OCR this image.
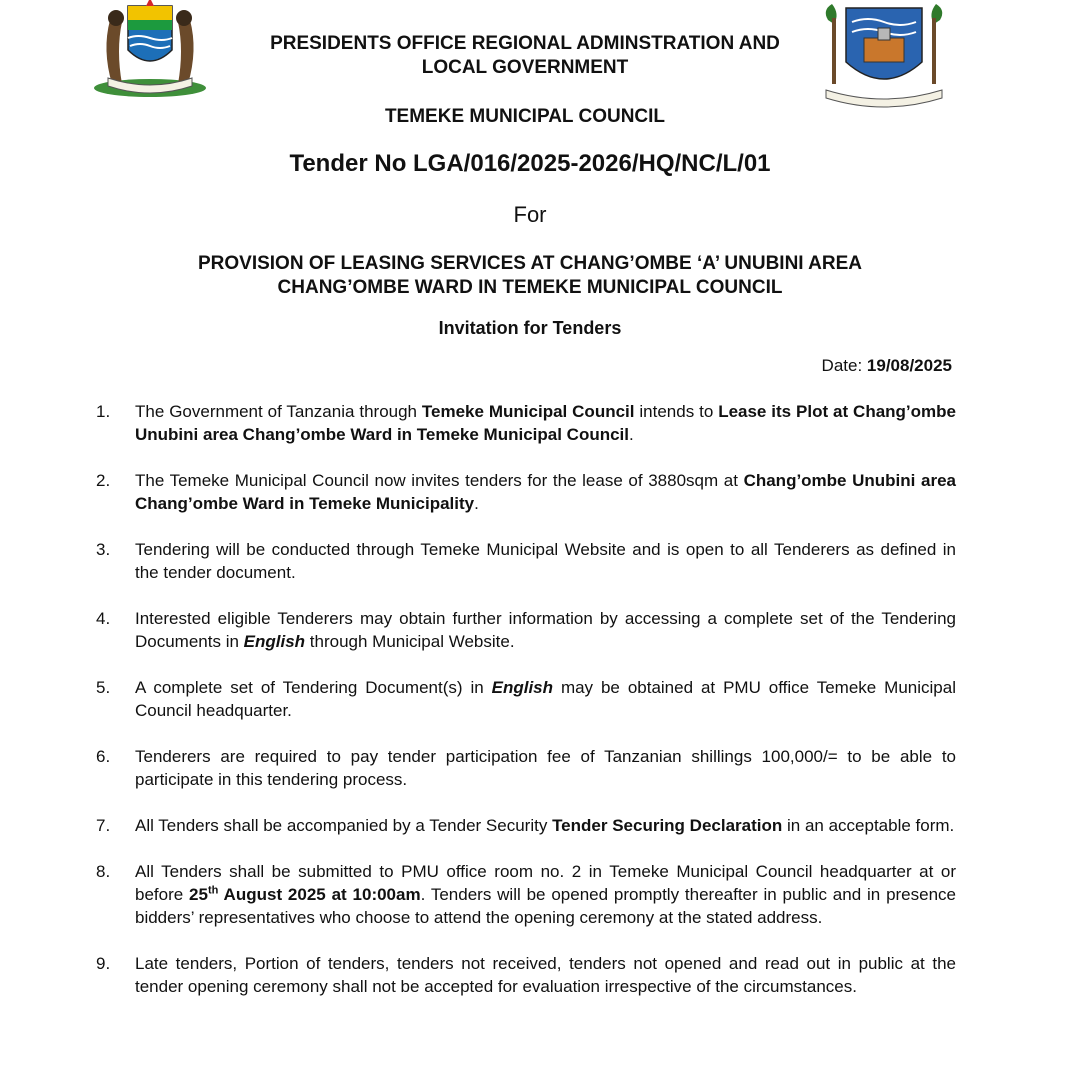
PRESIDENTS OFFICE REGIONAL ADMINSTRATION AND
LOCAL GOVERNMENT
TEMEKE MUNICIPAL COUNCIL
Tender No LGA/016/2025-2026/HQ/NC/L/01
For
PROVISION OF LEASING SERVICES AT CHANG’OMBE ‘A’ UNUBINI AREA
CHANG’OMBE WARD IN TEMEKE MUNICIPAL COUNCIL
Invitation for Tenders
Date: 19/08/2025
1.	The Government of Tanzania through Temeke Municipal Council intends to Lease its Plot at Chang’ombe Unubini area Chang’ombe Ward in Temeke Municipal Council.
2.	The Temeke Municipal Council now invites tenders for the lease of 3880sqm at Chang’ombe Unubini area Chang’ombe Ward in Temeke Municipality.
3.	Tendering will be conducted through Temeke Municipal Website and is open to all Tenderers as defined in the tender document.
4.	Interested eligible Tenderers may obtain further information by accessing a complete set of the Tendering Documents in English through Municipal Website.
5.	A complete set of Tendering Document(s) in English may be obtained at PMU office Temeke Municipal Council headquarter.
6.	Tenderers are required to pay tender participation fee of Tanzanian shillings 100,000/= to be able to participate in this tendering process.
7.	All Tenders shall be accompanied by a Tender Security Tender Securing Declaration in an acceptable form.
8.	All Tenders shall be submitted to PMU office room no. 2 in Temeke Municipal Council headquarter at or before 25th August 2025 at 10:00am. Tenders will be opened promptly thereafter in public and in presence bidders’ representatives who choose to attend the opening ceremony at the stated address.
9.	Late tenders, Portion of tenders, tenders not received, tenders not opened and read out in public at the tender opening ceremony shall not be accepted for evaluation irrespective of the circumstances.
